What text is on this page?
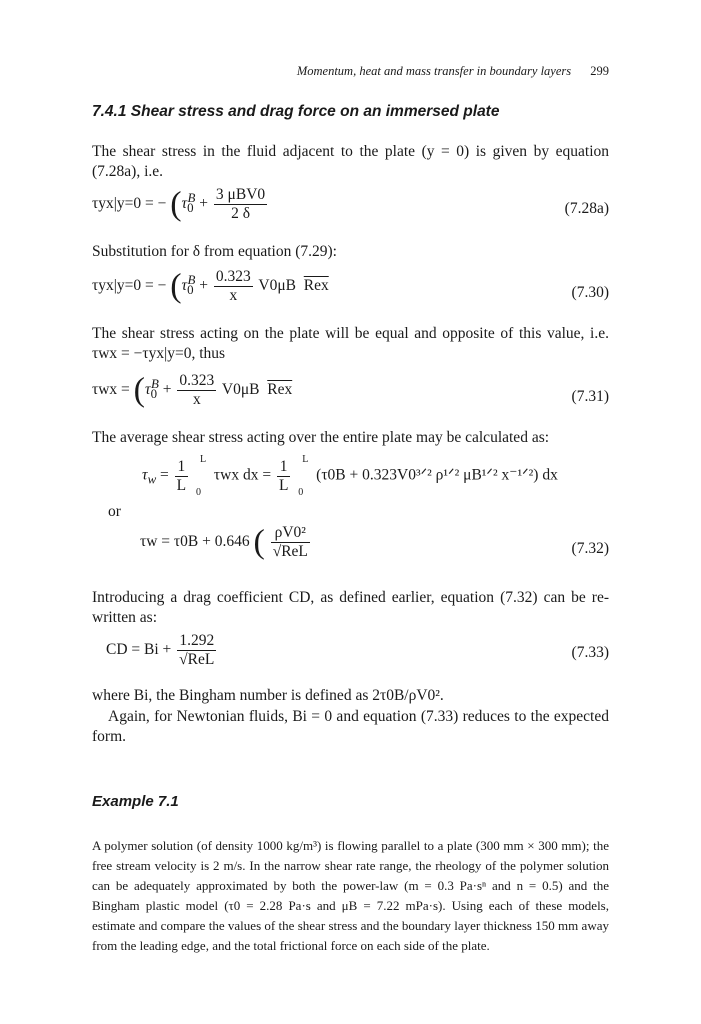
Momentum, heat and mass transfer in boundary layers 299
7.4.1 Shear stress and drag force on an immersed plate
The shear stress in the fluid adjacent to the plate (y = 0) is given by equation (7.28a), i.e.
τyx|y=0 = − ($\tau_0^B + \frac{\text{3 μBV0}}{2 \delta}$	(7.28a)
Substitution for δ from equation (7.29):
τyx|y=0 = − ($\tau_0^B + \frac{0.323}{x} V0\mu B$ $\overline{Rex}$	(7.30)
The shear stress acting on the plate will be equal and opposite of this value, i.e. τwx = −τyx|y=0, thus
$\tau wx = (\tau_0^B + \frac{0.323}{x} V0\mu B$ $\overline{Rex}$	(7.31)
The average shear stress acting over the entire plate may be calculated as:
$\tau_w = \frac{1}{L}$
L
0
τwx dx = $\frac{1}{L}$
L
0
(τ0B + 0.323V0³ᐟ² ρ¹ᐟ² μB¹ᐟ² x⁻¹ᐟ²) dx
or
τw = τ0B + 0.646 ( $\frac{\text{ρV0²}}{\text{√ReL}}$	(7.32)
Introducing a drag coefficient CD, as defined earlier, equation (7.32) can be re-written as:
CD = $Bi + \frac{1.292}{\text{√ReL}}$	(7.33)
where Bi, the Bingham number is defined as 2τ0B/ρV0².
Again, for Newtonian fluids, Bi = 0 and equation (7.33) reduces to the expected form.
Example 7.1
A polymer solution (of density 1000 kg/m³) is flowing parallel to a plate (300 mm × 300 mm); the free stream velocity is 2 m/s. In the narrow shear rate range, the rheology of the polymer solution can be adequately approximated by both the power-law (m = 0.3 Pa·sⁿ and n = 0.5) and the Bingham plastic model (τ0 = 2.28 Pa·s and μB = 7.22 mPa·s). Using each of these models, estimate and compare the values of the shear stress and the boundary layer thickness 150 mm away from the leading edge, and the total frictional force on each side of the plate.
